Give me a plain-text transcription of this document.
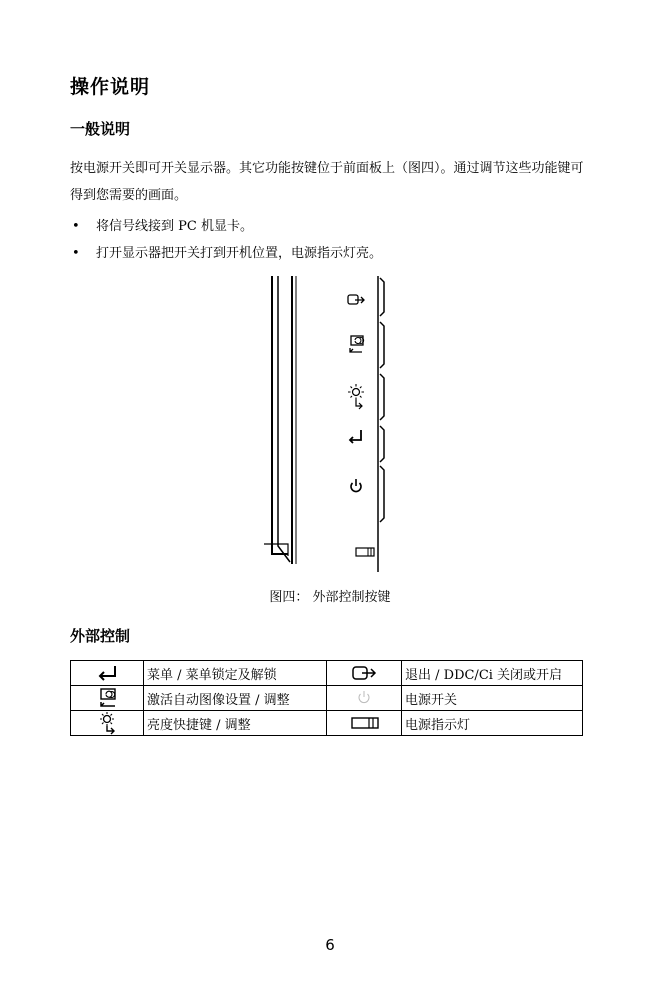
操作说明
一般说明
按电源开关即可开关显示器。其它功能按键位于前面板上（图四）。通过调节这些功能键可得到您需要的画面。
• 将信号线接到 PC 机显卡。
• 打开显示器把开关打到开机位置，电源指示灯亮。
图四： 外部控制按键
外部控制
	菜单 / 菜单锁定及解锁		退出 / DDC/Ci 关闭或开启

	激活自动图像设置 / 调整		电源开关

	亮度快捷键 / 调整		电源指示灯
6
